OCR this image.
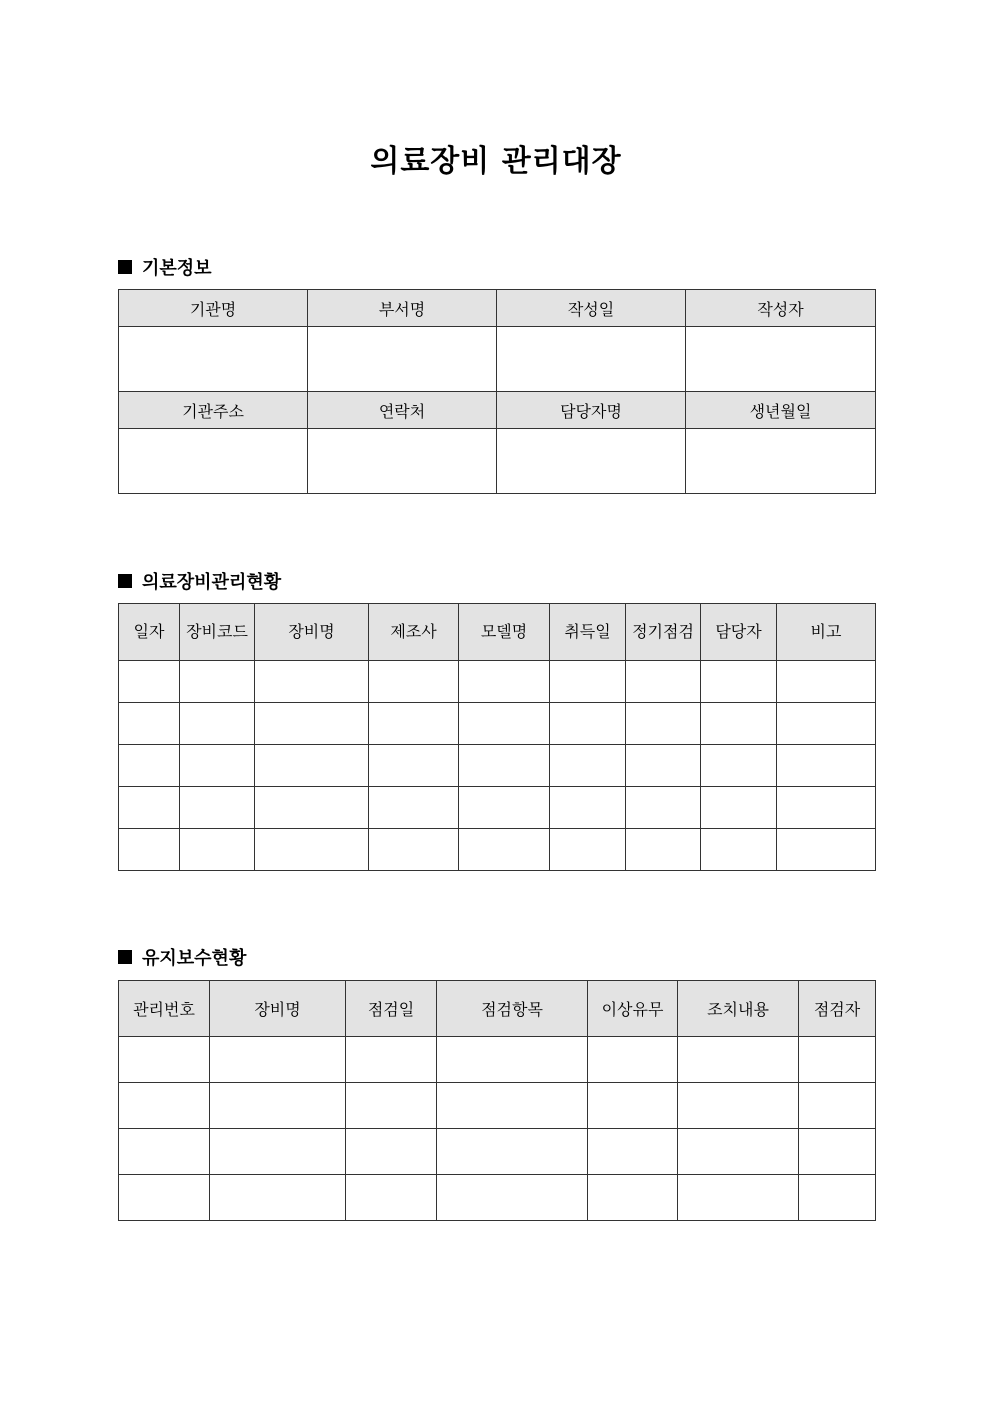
의료장비 관리대장
기본정보
기관명	부서명	작성일	작성자

기관주소	연락처	담당자명	생년월일

의료장비관리현황
일자	장비코드	장비명	제조사	모델명	취득일	정기점검	담당자	비고

유지보수현황
관리번호	장비명	점검일	점검항목	이상유무	조치내용	점검자
